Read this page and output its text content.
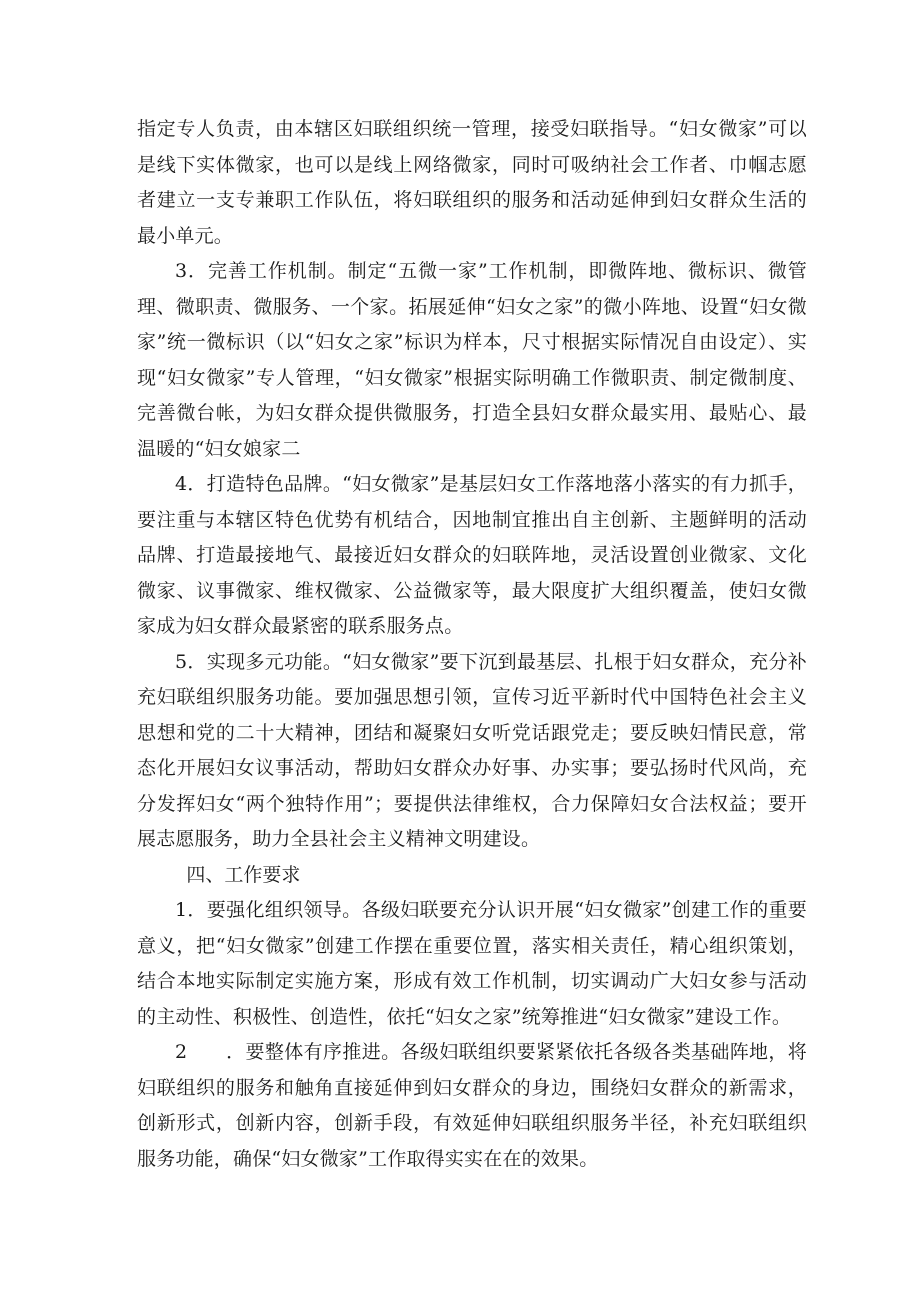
指定专人负责，由本辖区妇联组织统一管理，接受妇联指导。“妇女微家”可以是线下实体微家，也可以是线上网络微家，同时可吸纳社会工作者、巾帼志愿者建立一支专兼职工作队伍，将妇联组织的服务和活动延伸到妇女群众生活的最小单元。

3．完善工作机制。制定“五微一家”工作机制，即微阵地、微标识、微管理、微职责、微服务、一个家。拓展延伸“妇女之家”的微小阵地、设置“妇女微家”统一微标识（以“妇女之家”标识为样本，尺寸根据实际情况自由设定）、实现“妇女微家”专人管理，“妇女微家”根据实际明确工作微职责、制定微制度、完善微台帐，为妇女群众提供微服务，打造全县妇女群众最实用、最贴心、最温暖的“妇女娘家二

4．打造特色品牌。“妇女微家”是基层妇女工作落地落小落实的有力抓手，要注重与本辖区特色优势有机结合，因地制宜推出自主创新、主题鲜明的活动品牌、打造最接地气、最接近妇女群众的妇联阵地，灵活设置创业微家、文化微家、议事微家、维权微家、公益微家等，最大限度扩大组织覆盖，使妇女微家成为妇女群众最紧密的联系服务点。

5．实现多元功能。“妇女微家”要下沉到最基层、扎根于妇女群众，充分补充妇联组织服务功能。要加强思想引领，宣传习近平新时代中国特色社会主义思想和党的二十大精神，团结和凝聚妇女听党话跟党走；要反映妇情民意，常态化开展妇女议事活动，帮助妇女群众办好事、办实事；要弘扬时代风尚，充分发挥妇女“两个独特作用”；要提供法律维权，合力保障妇女合法权益；要开展志愿服务，助力全县社会主义精神文明建设。

四、工作要求

1．要强化组织领导。各级妇联要充分认识开展“妇女微家”创建工作的重要意义，把“妇女微家”创建工作摆在重要位置，落实相关责任，精心组织策划，结合本地实际制定实施方案，形成有效工作机制，切实调动广大妇女参与活动的主动性、积极性、创造性，依托“妇女之家”统筹推进“妇女微家”建设工作。

2　　．要整体有序推进。各级妇联组织要紧紧依托各级各类基础阵地，将妇联组织的服务和触角直接延伸到妇女群众的身边，围绕妇女群众的新需求，创新形式，创新内容，创新手段，有效延伸妇联组织服务半径，补充妇联组织服务功能，确保“妇女微家”工作取得实实在在的效果。
